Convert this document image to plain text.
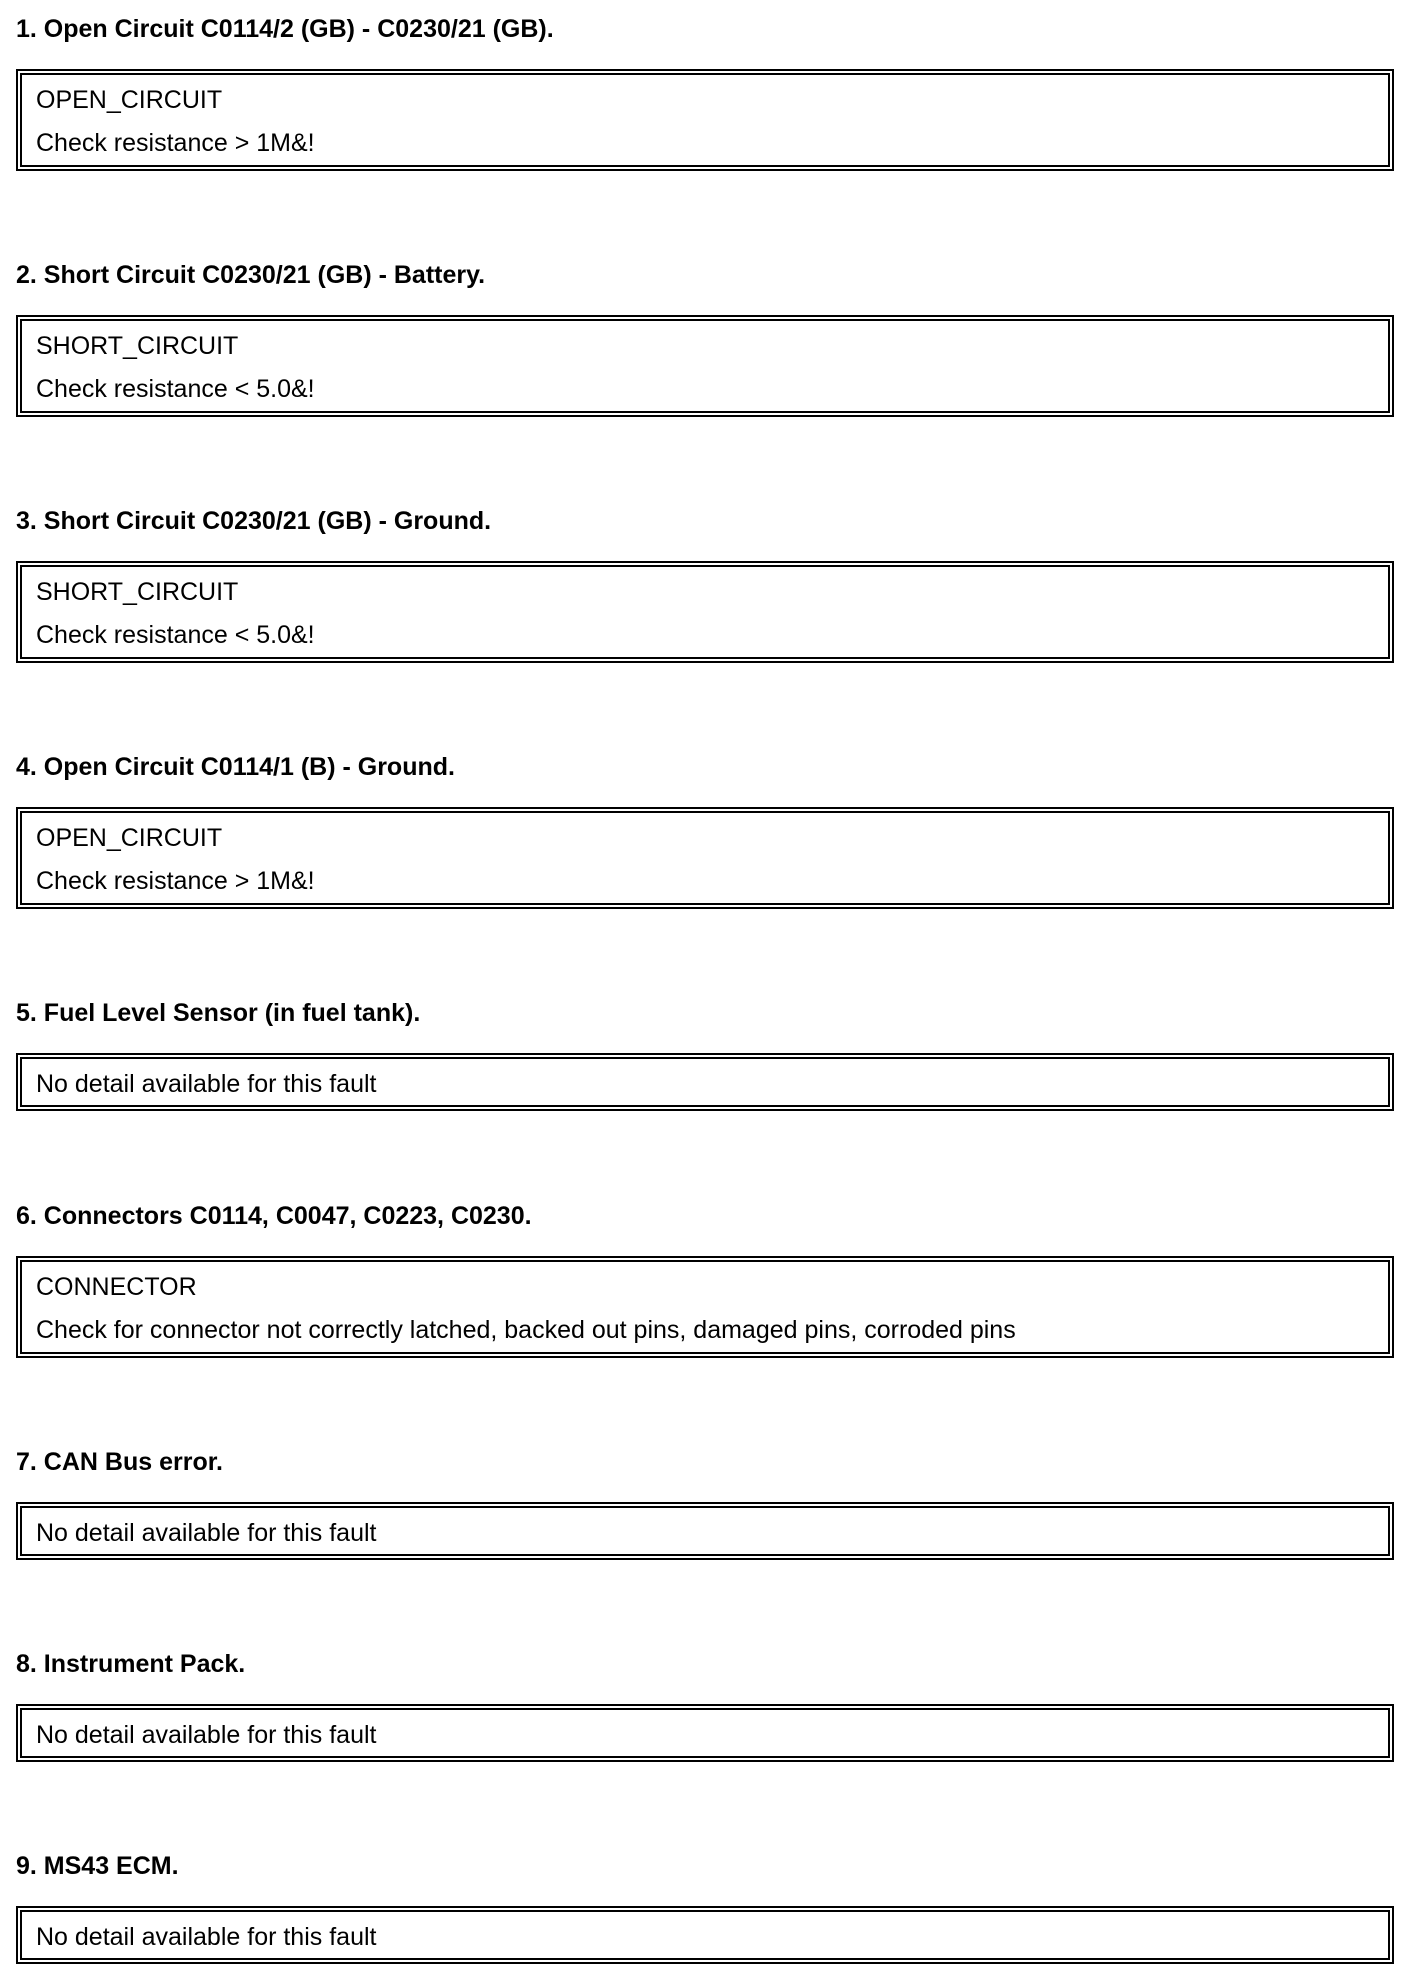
1. Open Circuit C0114/2 (GB) - C0230/21 (GB).
OPEN_CIRCUIT
Check resistance > 1M&!
2. Short Circuit C0230/21 (GB) - Battery.
SHORT_CIRCUIT
Check resistance < 5.0&!
3. Short Circuit C0230/21 (GB) - Ground.
SHORT_CIRCUIT
Check resistance < 5.0&!
4. Open Circuit C0114/1 (B) - Ground.
OPEN_CIRCUIT
Check resistance > 1M&!
5. Fuel Level Sensor (in fuel tank).
No detail available for this fault
6. Connectors C0114, C0047, C0223, C0230.
CONNECTOR
Check for connector not correctly latched, backed out pins, damaged pins, corroded pins
7. CAN Bus error.
No detail available for this fault
8. Instrument Pack.
No detail available for this fault
9. MS43 ECM.
No detail available for this fault
